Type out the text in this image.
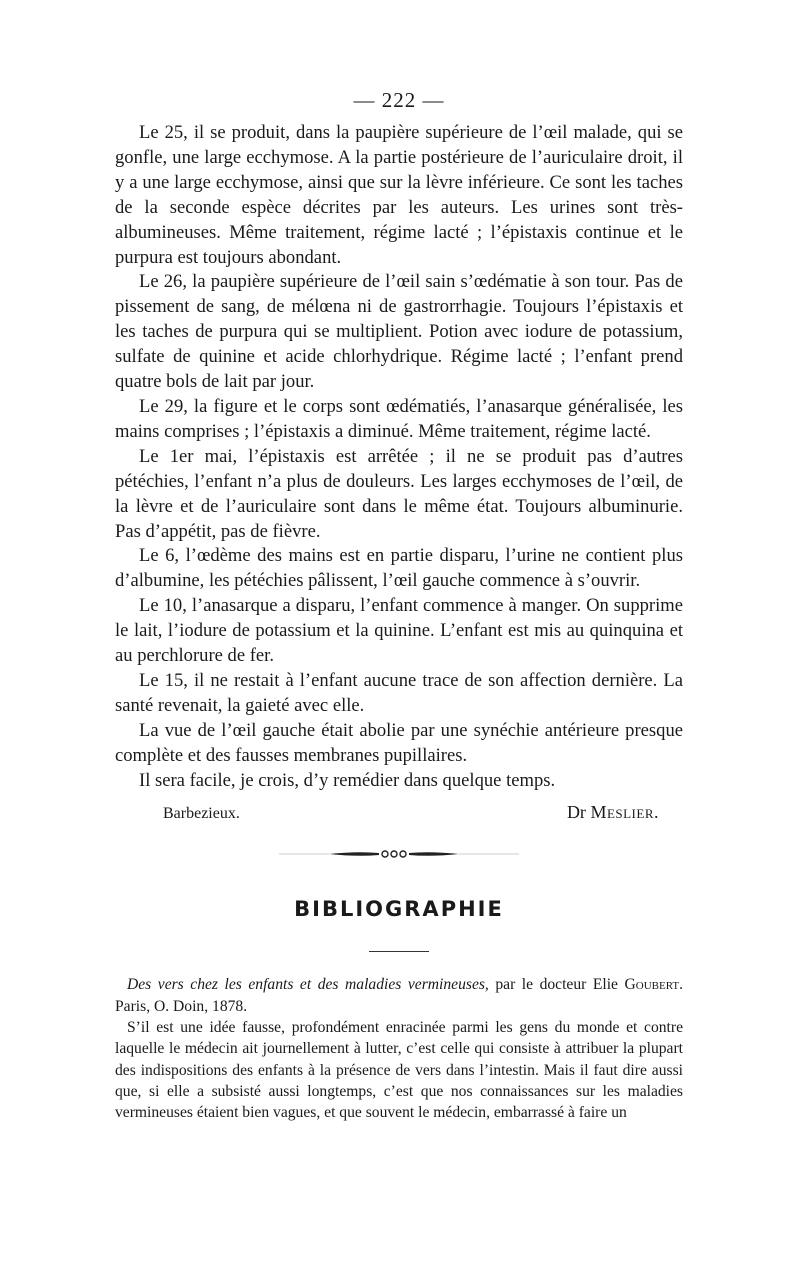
— 222 —

Le 25, il se produit, dans la paupière supérieure de l’œil malade, qui se gonfle, une large ecchymose. A la partie postérieure de l’auriculaire droit, il y a une large ecchymose, ainsi que sur la lèvre inférieure. Ce sont les taches de la seconde espèce décrites par les auteurs. Les urines sont très-albumineuses. Même traitement, régime lacté ; l’épistaxis continue et le purpura est toujours abondant.

Le 26, la paupière supérieure de l’œil sain s’œdématie à son tour. Pas de pissement de sang, de mélœna ni de gastrorrhagie. Toujours l’épistaxis et les taches de purpura qui se multiplient. Potion avec iodure de potassium, sulfate de quinine et acide chlorhydrique. Régime lacté ; l’enfant prend quatre bols de lait par jour.

Le 29, la figure et le corps sont œdématiés, l’anasarque généralisée, les mains comprises ; l’épistaxis a diminué. Même traitement, régime lacté.

Le 1er mai, l’épistaxis est arrêtée ; il ne se produit pas d’autres pétéchies, l’enfant n’a plus de douleurs. Les larges ecchymoses de l’œil, de la lèvre et de l’auriculaire sont dans le même état. Toujours albuminurie. Pas d’appétit, pas de fièvre.

Le 6, l’œdème des mains est en partie disparu, l’urine ne contient plus d’albumine, les pétéchies pâlissent, l’œil gauche commence à s’ouvrir.

Le 10, l’anasarque a disparu, l’enfant commence à manger. On supprime le lait, l’iodure de potassium et la quinine. L’enfant est mis au quinquina et au perchlorure de fer.

Le 15, il ne restait à l’enfant aucune trace de son affection dernière. La santé revenait, la gaieté avec elle.

La vue de l’œil gauche était abolie par une synéchie antérieure presque complète et des fausses membranes pupillaires.

Il sera facile, je crois, d’y remédier dans quelque temps.

Barbezieux.	Dr Meslier.
BIBLIOGRAPHIE

Des vers chez les enfants et des maladies vermineuses, par le docteur Elie Goubert. Paris, O. Doin, 1878.

S’il est une idée fausse, profondément enracinée parmi les gens du monde et contre laquelle le médecin ait journellement à lutter, c’est celle qui consiste à attribuer la plupart des indispositions des enfants à la présence de vers dans l’intestin. Mais il faut dire aussi que, si elle a subsisté aussi longtemps, c’est que nos connaissances sur les maladies vermineuses étaient bien vagues, et que souvent le médecin, embarrassé à faire un
